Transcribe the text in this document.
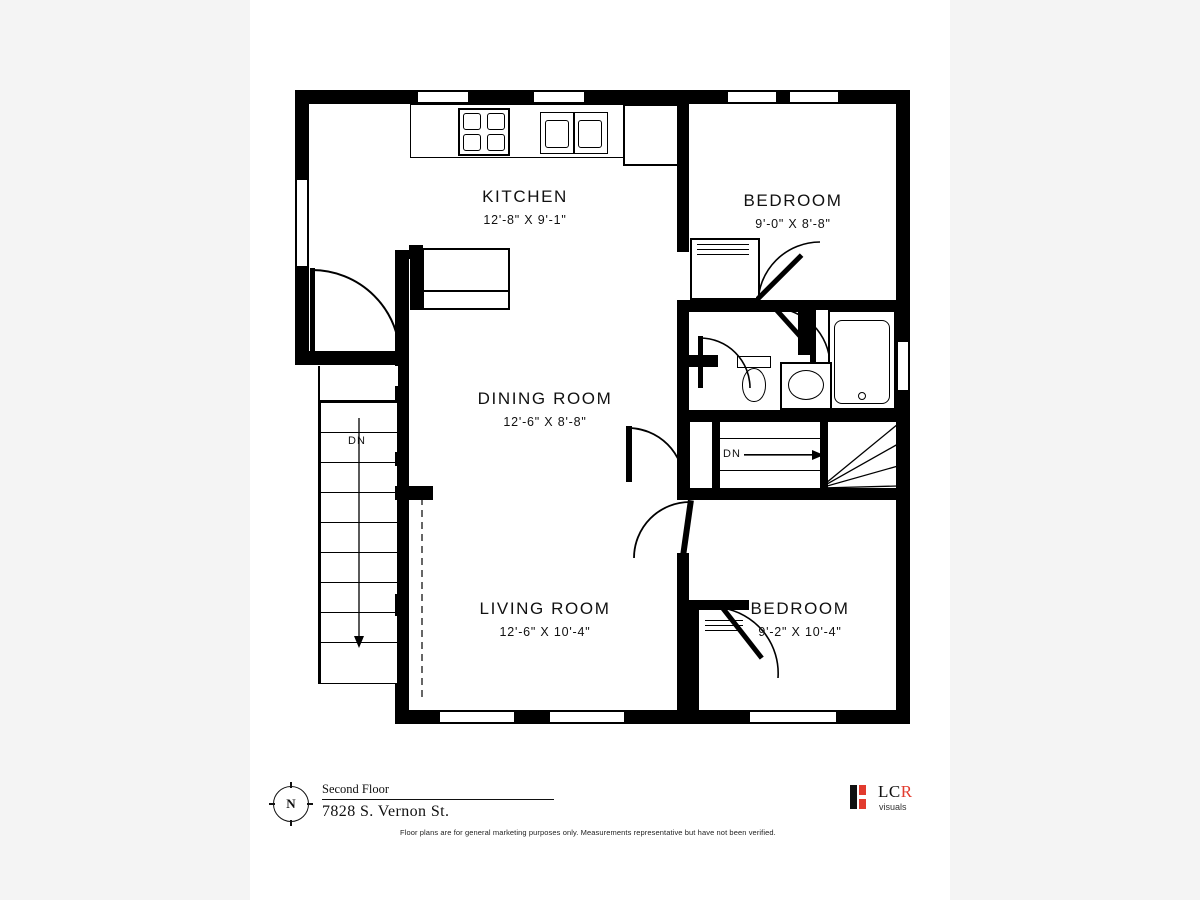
DN
DN
KITCHEN
12'-8" X 9'-1"
BEDROOM
9'-0" X 8'-8"
DINING ROOM
12'-6" X 8'-8"
LIVING ROOM
12'-6" X 10'-4"
BEDROOM
9'-2" X 10'-4"
N
Second Floor
7828 S. Vernon St.
Floor plans are for general marketing purposes only. Measurements representative but have not been verified.
LCR
visuals
